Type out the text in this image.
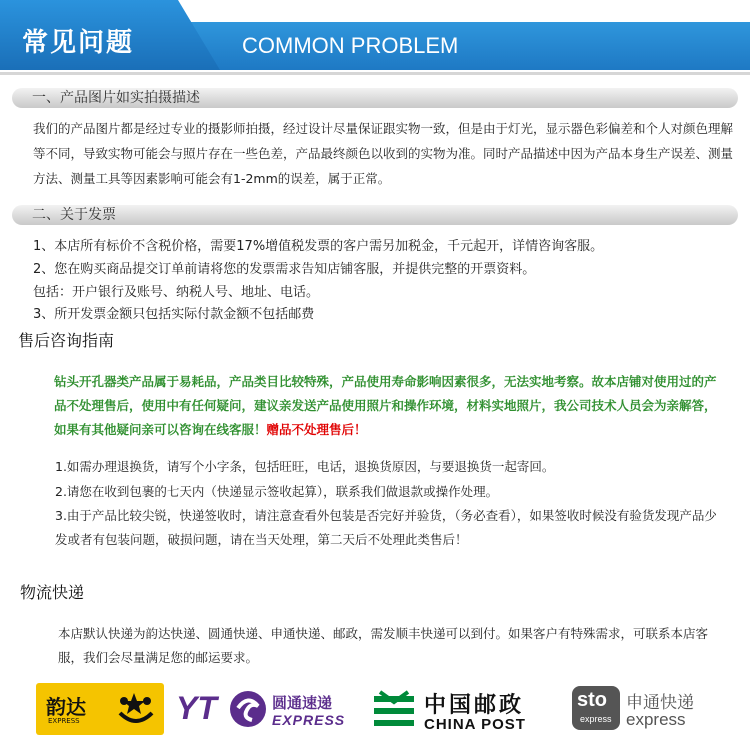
常见问题	COMMON PROBLEM
一、产品图片如实拍摄描述
我们的产品图片都是经过专业的摄影师拍摄，经过设计尽量保证跟实物一致，但是由于灯光，显示器色彩偏差和个人对颜色理解等不同，导致实物可能会与照片存在一些色差，产品最终颜色以收到的实物为准。同时产品描述中因为产品本身生产误差、测量方法、测量工具等因素影响可能会有1-2mm的误差，属于正常。
二、关于发票
1、本店所有标价不含税价格，需要17%增值税发票的客户需另加税金，千元起开，详情咨询客服。
2、您在购买商品提交订单前请将您的发票需求告知店铺客服，并提供完整的开票资料。
包括：开户银行及账号、纳税人号、地址、电话。
3、所开发票金额只包括实际付款金额不包括邮费
售后咨询指南
钻头开孔器类产品属于易耗品，产品类目比较特殊，产品使用寿命影响因素很多，无法实地考察。故本店铺对使用过的产品不处理售后，使用中有任何疑问，建议亲发送产品使用照片和操作环境，材料实地照片，我公司技术人员会为亲解答，如果有其他疑问亲可以咨询在线客服！赠品不处理售后！
1.如需办理退换货，请写个小字条，包括旺旺，电话，退换货原因，与要退换货一起寄回。
2.请您在收到包裹的七天内（快递显示签收起算），联系我们做退款或操作处理。
3.由于产品比较尖锐，快递签收时，请注意查看外包装是否完好并验货，（务必查看），如果签收时候没有验货发现产品少发或者有包装问题，破损问题，请在当天处理，第二天后不处理此类售后！
物流快递
本店默认快递为韵达快递、圆通快递、申通快递、邮政，需发顺丰快递可以到付。如果客户有特殊需求，可联系本店客服，我们会尽量满足您的邮运要求。
韵达
EXPRESS	YT	圆通速递
EXPRESS
中国邮政
CHINA POST
sto
express
申通快递
express
